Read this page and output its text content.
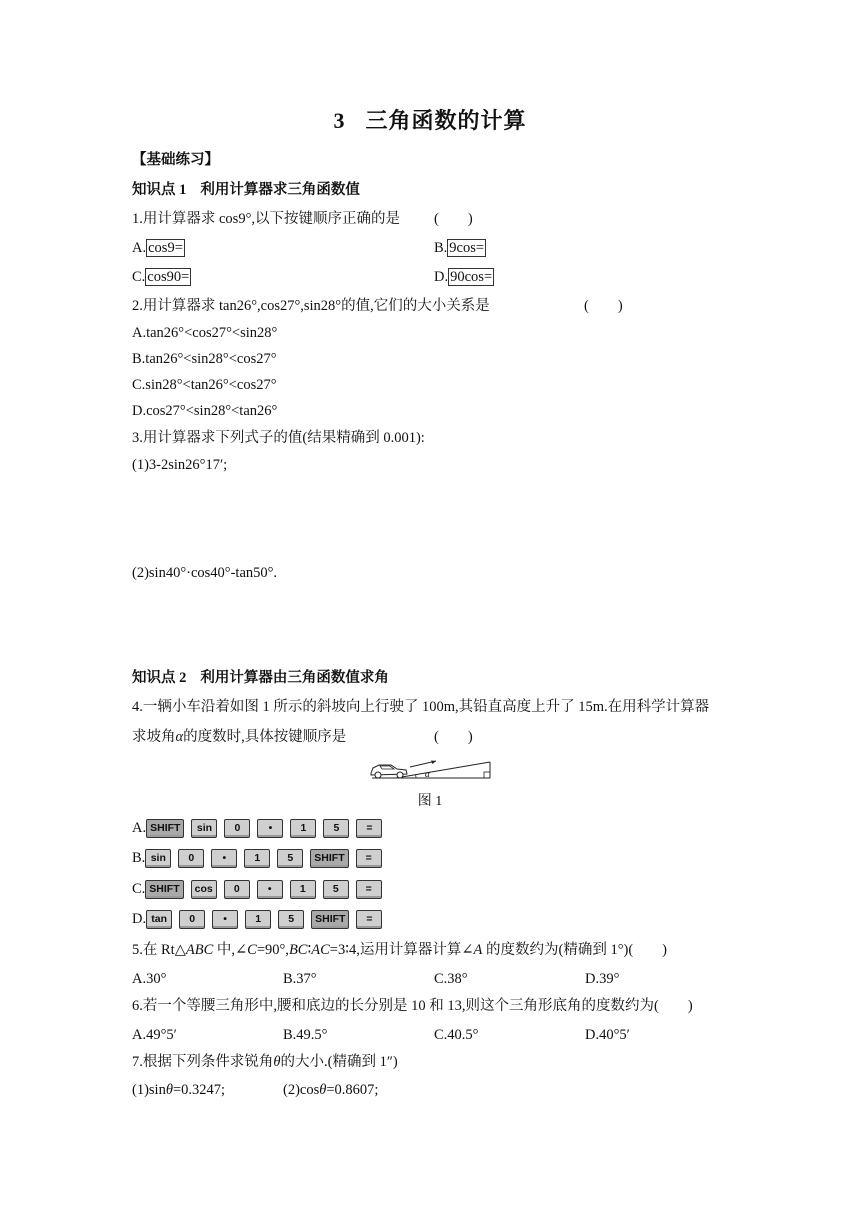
3 三角函数的计算
【基础练习】
知识点 1 利用计算器求三角函数值
1.用计算器求 cos9°,以下按键顺序正确的是 (　　)
A. cos9=	B. 9cos=
C. cos90=	D. 90cos=
2.用计算器求 tan26°,cos27°,sin28°的值,它们的大小关系是	(　　)
A.tan26°<cos27°<sin28°
B.tan26°<sin28°<cos27°
C.sin28°<tan26°<cos27°
D.cos27°<sin28°<tan26°
3.用计算器求下列式子的值(结果精确到 0.001):
(1)3-2sin26°17′;
(2)sin40°·cos40°-tan50°.
知识点 2 利用计算器由三角函数值求角
4.一辆小车沿着如图 1 所示的斜坡向上行驶了 100m,其铅直高度上升了 15m.在用科学计算器
求坡角α的度数时,具体按键顺序是	(　　)
α
图 1
A. SHIFT	sin	0	•	1	5	=
B. sin	0	•	1	5	SHIFT	=
C. SHIFT	cos	0	•	1	5	=
D. tan	0	•	1	5	SHIFT	=
5.在 Rt△ABC 中,∠C=90°,BC∶AC=3∶4,运用计算器计算∠A 的度数约为(精确到 1°)(　　)
A.30°	B.37°	C.38°	D.39°
6.若一个等腰三角形中,腰和底边的长分别是 10 和 13,则这个三角形底角的度数约为(　　)
A.49°5′	B.49.5°	C.40.5°	D.40°5′
7.根据下列条件求锐角θ的大小.(精确到 1″)
(1)sinθ=0.3247;	(2)cosθ=0.8607;
